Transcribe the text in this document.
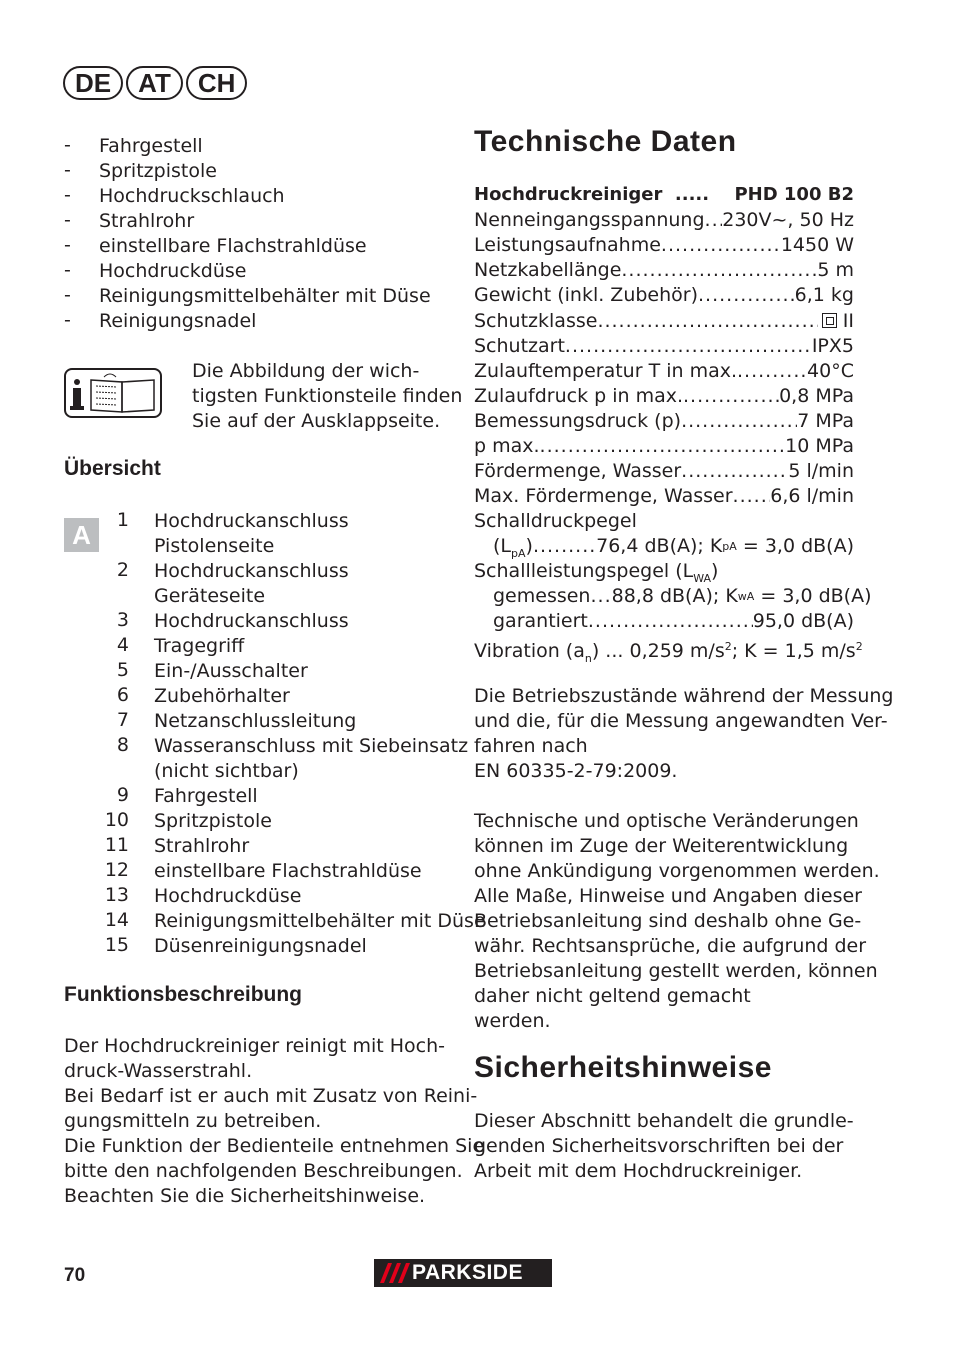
DE AT CH
- Fahrgestell
- Spritzpistole
- Hochdruckschlauch
- Strahlrohr
- einstellbare Flachstrahldüse
- Hochdruckdüse
- Reinigungsmittelbehälter mit Düse
- Reinigungsnadel
Die Abbildung der wich-
tigsten Funktionsteile finden
Sie auf der Ausklappseite.
Übersicht
A	1 Hochdruckanschluss
Pistolenseite
2 Hochdruckanschluss
Geräteseite
3 Hochdruckanschluss
4 Tragegriff
5 Ein-/Ausschalter
6 Zubehörhalter
7 Netzanschlussleitung
8 Wasseranschluss mit Siebeinsatz
(nicht sichtbar)
9 Fahrgestell
10 Spritzpistole
11 Strahlrohr
12 einstellbare Flachstrahldüse
13 Hochdruckdüse
14 Reinigungsmittelbehälter mit Düse
15 Düsenreinigungsnadel
Funktionsbeschreibung
Der Hochdruckreiniger reinigt mit Hoch-
druck-Wasserstrahl.
Bei Bedarf ist er auch mit Zusatz von Reini-
gungsmitteln zu betreiben.
Die Funktion der Bedienteile entnehmen Sie
bitte den nachfolgenden Beschreibungen.
Beachten Sie die Sicherheitshinweise.
Technische Daten
Hochdruckreiniger ..... PHD 100 B2
Nenneingangsspannung ..... 230V~, 50 Hz
Leistungsaufnahme .....	1450 W
Netzkabellänge .....	5 m
Gewicht (inkl. Zubehör) .....	6,1 kg
Schutzklasse .....	II
Schutzart .....	IPX5
Zulauftemperatur T in max. .....	40°C
Zulaufdruck p in max. .....	0,8 MPa
Bemessungsdruck (p) .....	7 MPa
p max. .....	10 MPa
Fördermenge, Wasser .....	5 l/min
Max. Fördermenge, Wasser ..... 6,6 l/min
Schalldruckpegel
$(L_{pA})$ .....	76,4 dB(A); K pA
= 3,0 dB(A)
Schallleistungspegel $(L_{WA})$
gemessen ... 88,8 dB(A); K wA
= 3,0 dB(A)
garantiert .....	95,0 dB(A)
Vibration $(a_n)$ ... 0,259 $m/s^2$; K = 1,5 $m/s^2$
Die Betriebszustände während der Messung
und die, für die Messung angewandten Ver-
fahren nach
EN 60335-2-79:2009.
Technische und optische Veränderungen
können im Zuge der Weiterentwicklung
ohne Ankündigung vorgenommen werden.
Alle Maße, Hinweise und Angaben dieser
Betriebsanleitung sind deshalb ohne Ge-
währ. Rechtsansprüche, die aufgrund der
Betriebsanleitung gestellt werden, können
daher nicht geltend gemacht
werden.
Sicherheitshinweise
Dieser Abschnitt behandelt die grundle-
genden Sicherheitsvorschriften bei der
Arbeit mit dem Hochdruckreiniger.
70	PARKSIDE
